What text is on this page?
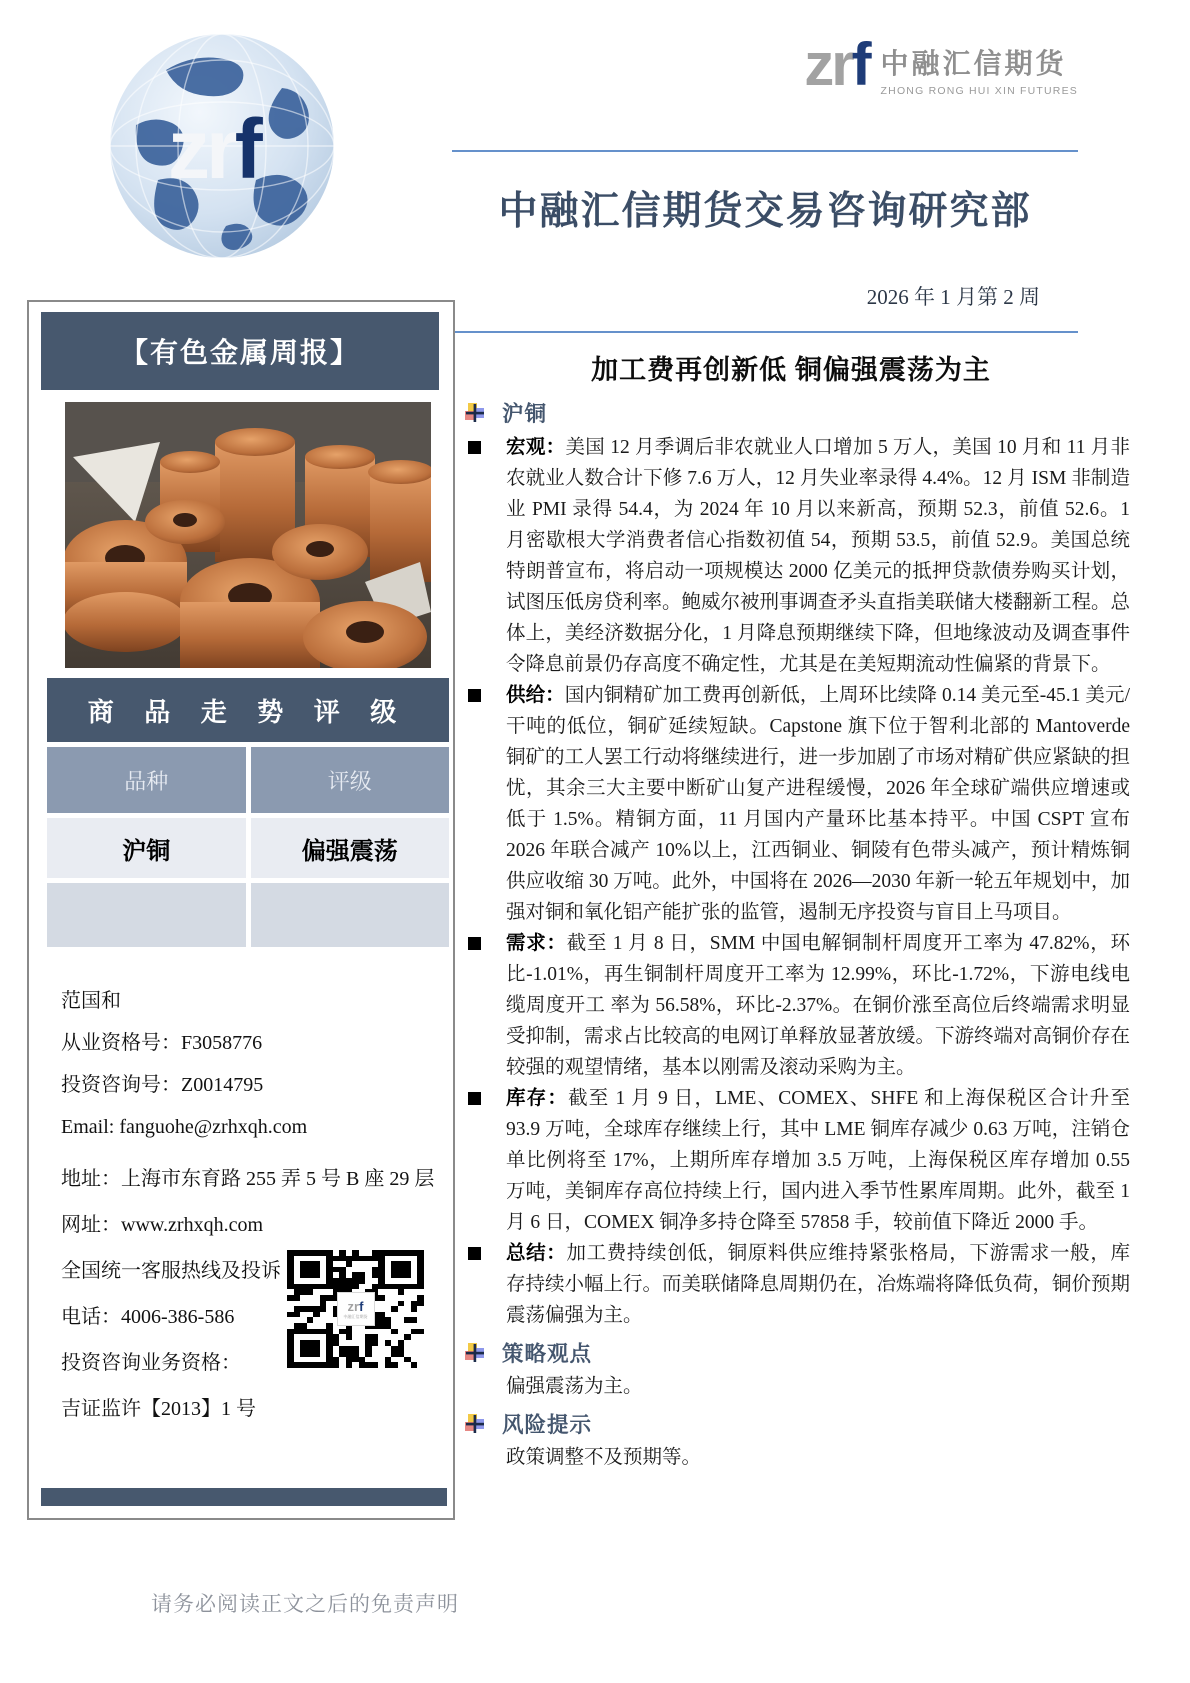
zrf
zrf 中融汇信期货
ZHONG RONG HUI XIN FUTURES
中融汇信期货交易咨询研究部
2026 年 1 月第 2 周
【有色金属周报】
商 品 走 势 评 级
品种	评级
沪铜	偏强震荡

范国和

从业资格号：F3058776

投资咨询号：Z0014795

Email: fanguohe@zrhxqh.com

地址：上海市东育路 255 弄 5 号 B 座 29 层

网址：www.zrhxqh.com

全国统一客服热线及投诉

电话：4006-386-586

投资咨询业务资格：

吉证监许【2013】1 号

zrf
中融汇信期货
加工费再创新低 铜偏强震荡为主
沪铜
宏观：美国 12 月季调后非农就业人口增加 5 万人，美国 10 月和 11 月非农就业人数合计下修 7.6 万人，12 月失业率录得 4.4%。12 月 ISM 非制造业 PMI 录得 54.4，为 2024 年 10 月以来新高，预期 52.3，前值 52.6。1 月密歇根大学消费者信心指数初值 54，预期 53.5，前值 52.9。美国总统特朗普宣布，将启动一项规模达 2000 亿美元的抵押贷款债券购买计划，试图压低房贷利率。鲍威尔被刑事调查矛头直指美联储大楼翻新工程。总体上，美经济数据分化，1 月降息预期继续下降，但地缘波动及调查事件令降息前景仍存高度不确定性，尤其是在美短期流动性偏紧的背景下。
供给：国内铜精矿加工费再创新低，上周环比续降 0.14 美元至-45.1 美元/干吨的低位，铜矿延续短缺。Capstone 旗下位于智利北部的 Mantoverde 铜矿的工人罢工行动将继续进行，进一步加剧了市场对精矿供应紧缺的担忧，其余三大主要中断矿山复产进程缓慢，2026 年全球矿端供应增速或低于 1.5%。精铜方面，11 月国内产量环比基本持平。中国 CSPT 宣布 2026 年联合减产 10%以上，江西铜业、铜陵有色带头减产，预计精炼铜供应收缩 30 万吨。此外，中国将在 2026—2030 年新一轮五年规划中，加强对铜和氧化铝产能扩张的监管，遏制无序投资与盲目上马项目。
需求：截至 1 月 8 日，SMM 中国电解铜制杆周度开工率为 47.82%，环比-1.01%，再生铜制杆周度开工率为 12.99%，环比-1.72%，下游电线电缆周度开工 率为 56.58%，环比-2.37%。在铜价涨至高位后终端需求明显受抑制，需求占比较高的电网订单释放显著放缓。下游终端对高铜价存在较强的观望情绪，基本以刚需及滚动采购为主。
库存：截至 1 月 9 日，LME、COMEX、SHFE 和上海保税区合计升至 93.9 万吨，全球库存继续上行，其中 LME 铜库存减少 0.63 万吨，注销仓单比例将至 17%，上期所库存增加 3.5 万吨，上海保税区库存增加 0.55 万吨，美铜库存高位持续上行，国内进入季节性累库周期。此外，截至 1 月 6 日，COMEX 铜净多持仓降至 57858 手，较前值下降近 2000 手。
总结：加工费持续创低，铜原料供应维持紧张格局，下游需求一般，库存持续小幅上行。而美联储降息周期仍在，冶炼端将降低负荷，铜价预期震荡偏强为主。
策略观点
偏强震荡为主。
风险提示
政策调整不及预期等。
请务必阅读正文之后的免责声明
